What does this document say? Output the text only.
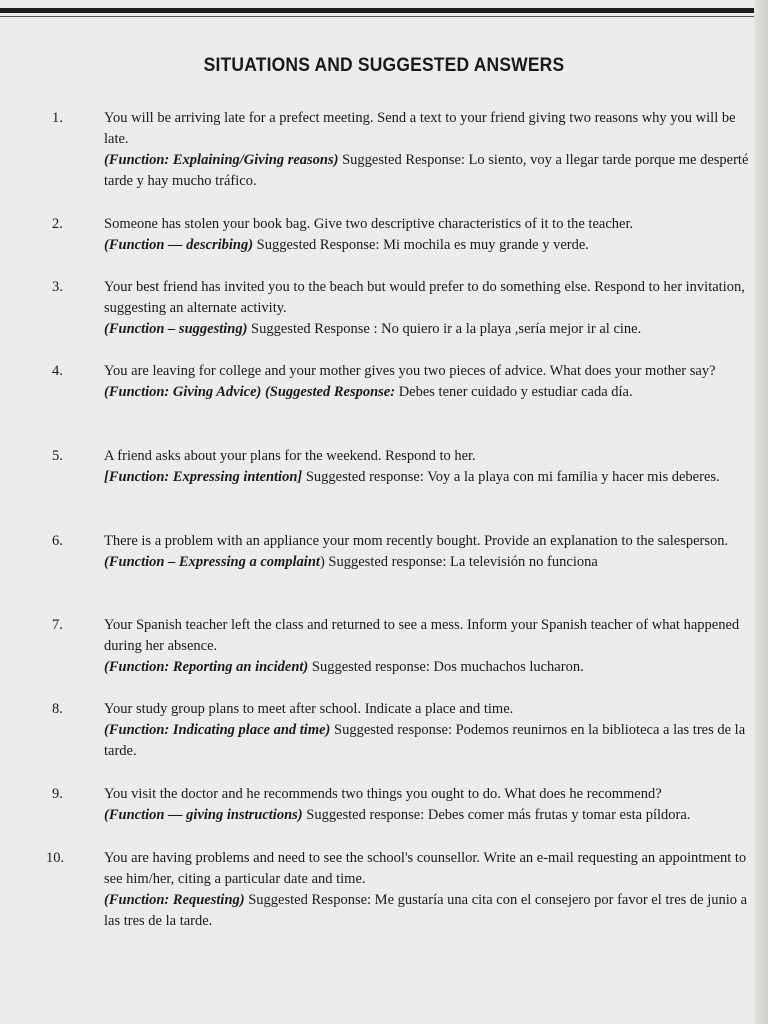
SITUATIONS AND SUGGESTED ANSWERS
1.	You will be arriving late for a prefect meeting. Send a text to your friend giving two reasons why you will be late.

(Function: Explaining/Giving reasons) Suggested Response: Lo siento, voy a llegar tarde porque me desperté tarde y hay mucho tráfico.

2.	Someone has stolen your book bag. Give two descriptive characteristics of it to the teacher.

(Function — describing) Suggested Response: Mi mochila es muy grande y verde.

3.	Your best friend has invited you to the beach but would prefer to do something else. Respond to her invitation, suggesting an alternate activity.

(Function – suggesting) Suggested Response : No quiero ir a la playa ,sería mejor ir al cine.

4.	You are leaving for college and your mother gives you two pieces of advice. What does your mother say?

(Function: Giving Advice) (Suggested Response: Debes tener cuidado y estudiar cada día.

5.	A friend asks about your plans for the weekend. Respond to her.

[Function: Expressing intention] Suggested response: Voy a la playa con mi familia y hacer mis deberes.

6.	There is a problem with an appliance your mom recently bought. Provide an explanation to the salesperson.

(Function – Expressing a complaint) Suggested response: La televisión no funciona

7.	Your Spanish teacher left the class and returned to see a mess. Inform your Spanish teacher of what happened during her absence.

(Function: Reporting an incident) Suggested response: Dos muchachos lucharon.

8.	Your study group plans to meet after school. Indicate a place and time.

(Function: Indicating place and time) Suggested response: Podemos reunirnos en la biblioteca a las tres de la tarde.

9.	You visit the doctor and he recommends two things you ought to do. What does he recommend?

(Function — giving instructions) Suggested response: Debes comer más frutas y tomar esta píldora.

10.	You are having problems and need to see the school's counsellor. Write an e-mail requesting an appointment to see him/her, citing a particular date and time.

(Function: Requesting) Suggested Response: Me gustaría una cita con el consejero por favor el tres de junio a las tres de la tarde.
